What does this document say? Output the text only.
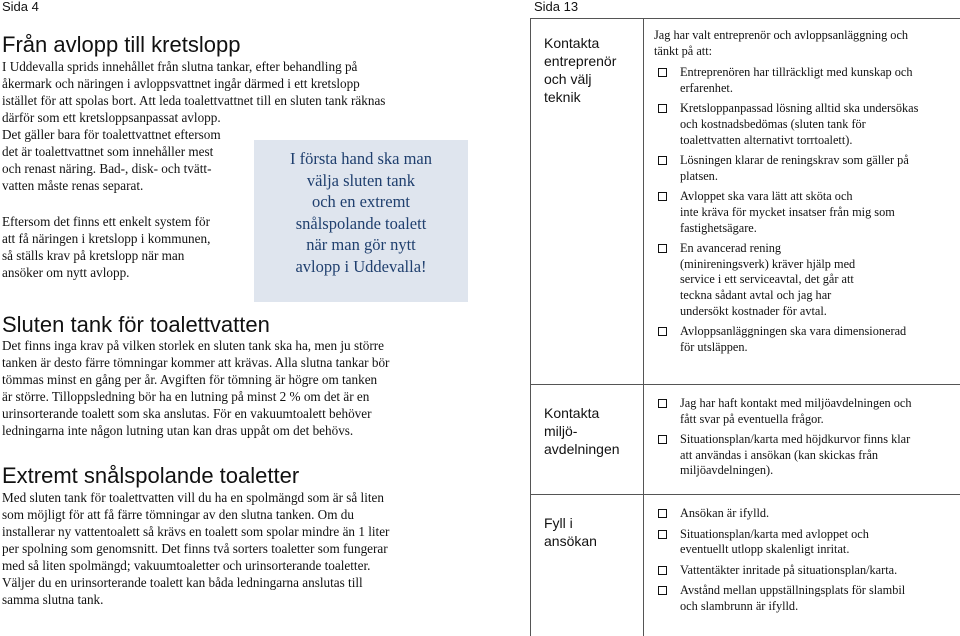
Sida 4
Från avlopp till kretslopp
I Uddevalla sprids innehållet från slutna tankar, efter behandling på
åkermark och näringen i avloppsvattnet ingår därmed i ett kretslopp
istället för att spolas bort. Att leda toalettvattnet till en sluten tank räknas
därför som ett kretsloppsanpassat avlopp.
Det gäller bara för toalettvattnet eftersom
det är toalettvattnet som innehåller mest
och renast näring. Bad-, disk- och tvätt-
vatten måste renas separat.
Eftersom det finns ett enkelt system för
att få näringen i kretslopp i kommunen,
så ställs krav på kretslopp när man
ansöker om nytt avlopp.
I första hand ska man
välja sluten tank
och en extremt
snålspolande toalett
när man gör nytt
avlopp i Uddevalla!
Sluten tank för toalettvatten
Det finns inga krav på vilken storlek en sluten tank ska ha, men ju större
tanken är desto färre tömningar kommer att krävas. Alla slutna tankar bör
tömmas minst en gång per år. Avgiften för tömning är högre om tanken
är större. Tilloppsledning bör ha en lutning på minst 2 % om det är en
urinsorterande toalett som ska anslutas. För en vakuumtoalett behöver
ledningarna inte någon lutning utan kan dras uppåt om det behövs.
Extremt snålspolande toaletter
Med sluten tank för toalettvatten vill du ha en spolmängd som är så liten
som möjligt för att få färre tömningar av den slutna tanken. Om du
installerar ny vattentoalett så krävs en toalett som spolar mindre än 1 liter
per spolning som genomsnitt. Det finns två sorters toaletter som fungerar
med så liten spolmängd; vakuumtoaletter och urinsorterande toaletter.
Väljer du en urinsorterande toalett kan båda ledningarna anslutas till
samma slutna tank.
Sida 13
Kontakta
entreprenör
och välj
teknik
Jag har valt entreprenör och avloppsanläggning och
tänkt på att:
Entreprenören har tillräckligt med kunskap och
erfarenhet.
Kretsloppanpassad lösning alltid ska undersökas
och kostnadsbedömas (sluten tank för
toalettvatten alternativt torrtoalett).
Lösningen klarar de reningskrav som gäller på
platsen.
Avloppet ska vara lätt att sköta och
inte kräva för mycket insatser från mig som
fastighetsägare.
En avancerad rening
(minireningsverk) kräver hjälp med
service i ett serviceavtal, det går att
teckna sådant avtal och jag har
undersökt kostnader för avtal.
Avloppsanläggningen ska vara dimensionerad
för utsläppen.
Kontakta
miljö-
avdelningen
Jag har haft kontakt med miljöavdelningen och
fått svar på eventuella frågor.
Situationsplan/karta med höjdkurvor finns klar
att användas i ansökan (kan skickas från
miljöavdelningen).
Fyll i
ansökan
Ansökan är ifylld.
Situationsplan/karta med avloppet och
eventuellt utlopp skalenligt inritat.
Vattentäkter inritade på situationsplan/karta.
Avstånd mellan uppställningsplats för slambil
och slambrunn är ifylld.
